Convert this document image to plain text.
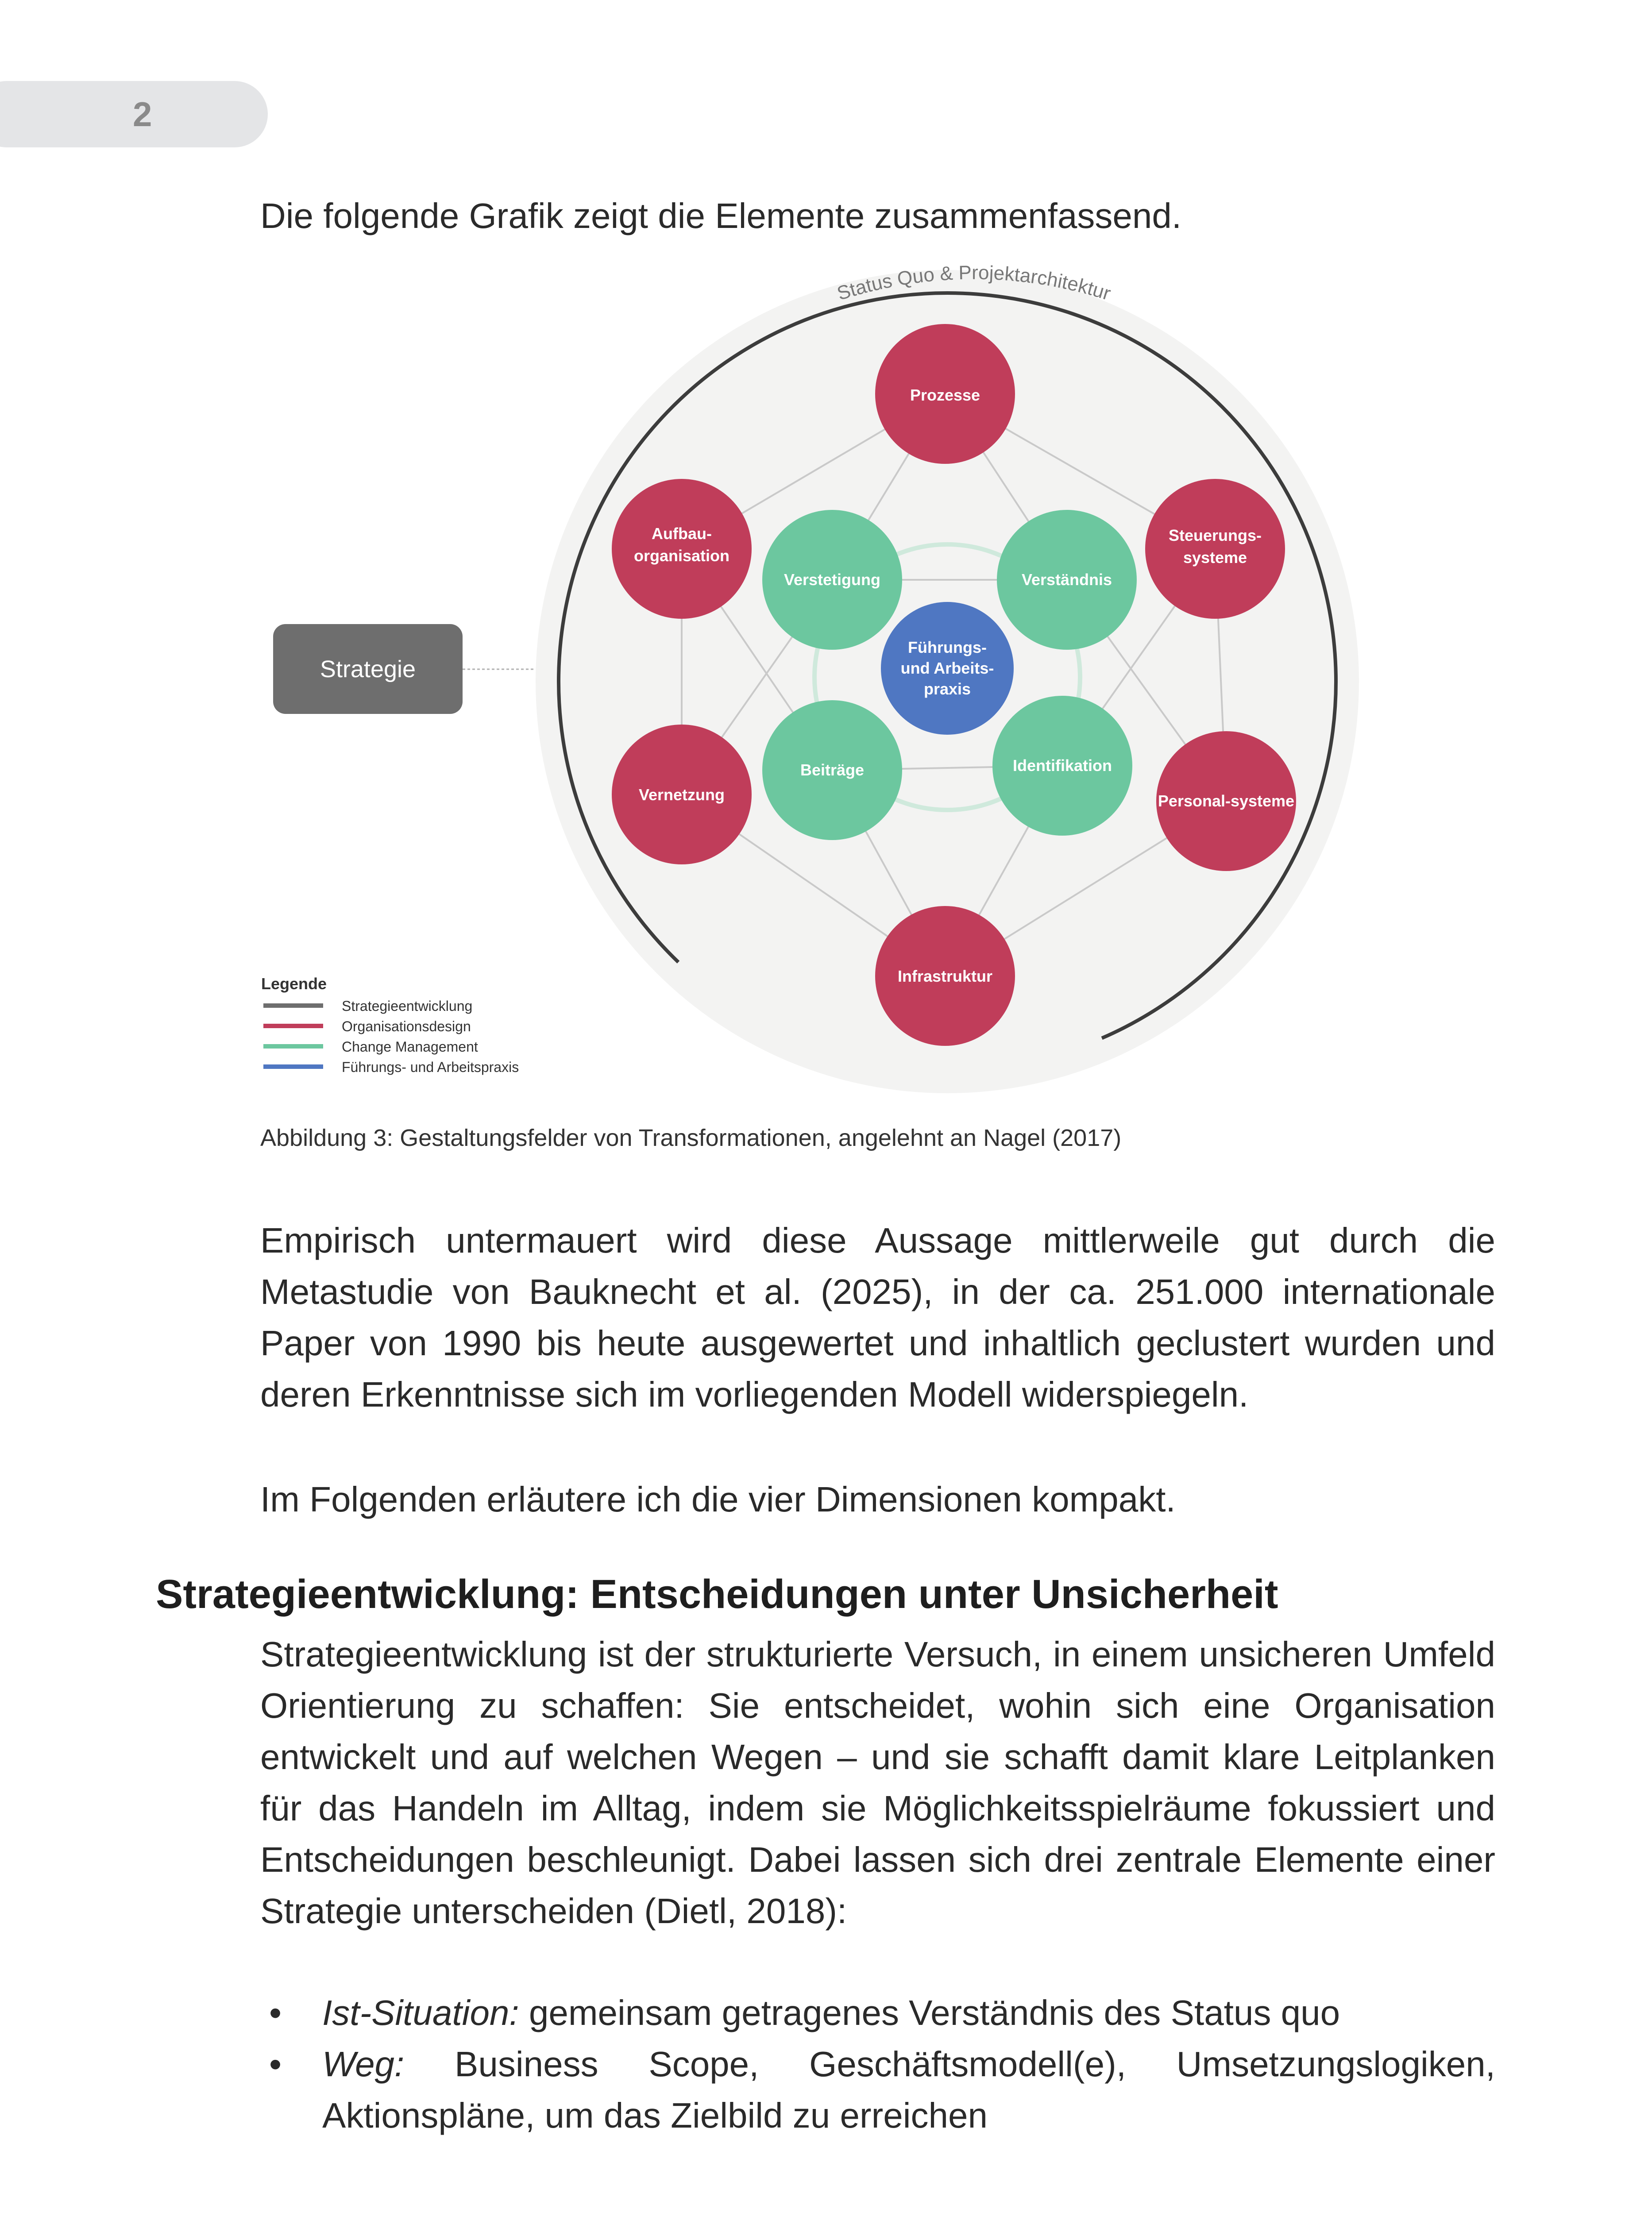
2
Die folgende Grafik zeigt die Elemente zusammenfassend.
Status Quo & Projektarchitektur
Strategie
Prozesse
Aufbau-
organisation
Steuerungs-
systeme
Vernetzung	Personal-systeme
Infrastruktur
Verstetigung	Verständnis
Beiträge	Identifikation
Führungs-
und Arbeits-
praxis
Legende
Strategieentwicklung
Organisationsdesign
Change Management
Führungs- und Arbeitspraxis
Abbildung 3: Gestaltungsfelder von Transformationen, angelehnt an Nagel (2017)
Empirisch untermauert wird diese Aussage mittlerweile gut durch die Metastudie von Bauknecht et al. (2025), in der ca. 251.000 internationale Paper von 1990 bis heute ausgewertet und inhaltlich geclustert wurden und deren Erkenntnisse sich im vorliegenden Modell widerspiegeln.
Im Folgenden erläutere ich die vier Dimensionen kompakt.
Strategieentwicklung: Entscheidungen unter Unsicherheit
Strategieentwicklung ist der strukturierte Versuch, in einem unsicheren Umfeld Orientierung zu schaffen: Sie entscheidet, wohin sich eine Organisation entwickelt und auf welchen Wegen – und sie schafft damit klare Leitplanken für das Handeln im Alltag, indem sie Möglichkeitsspielräume fokussiert und Entscheidungen beschleunigt. Dabei lassen sich drei zentrale Elemente einer Strategie unterscheiden (Dietl, 2018):
• Ist-Situation: gemeinsam getragenes Verständnis des Status quo
• Weg: Business Scope, Geschäftsmodell(e), Umsetzungslogiken, Aktionspläne, um das Zielbild zu erreichen
